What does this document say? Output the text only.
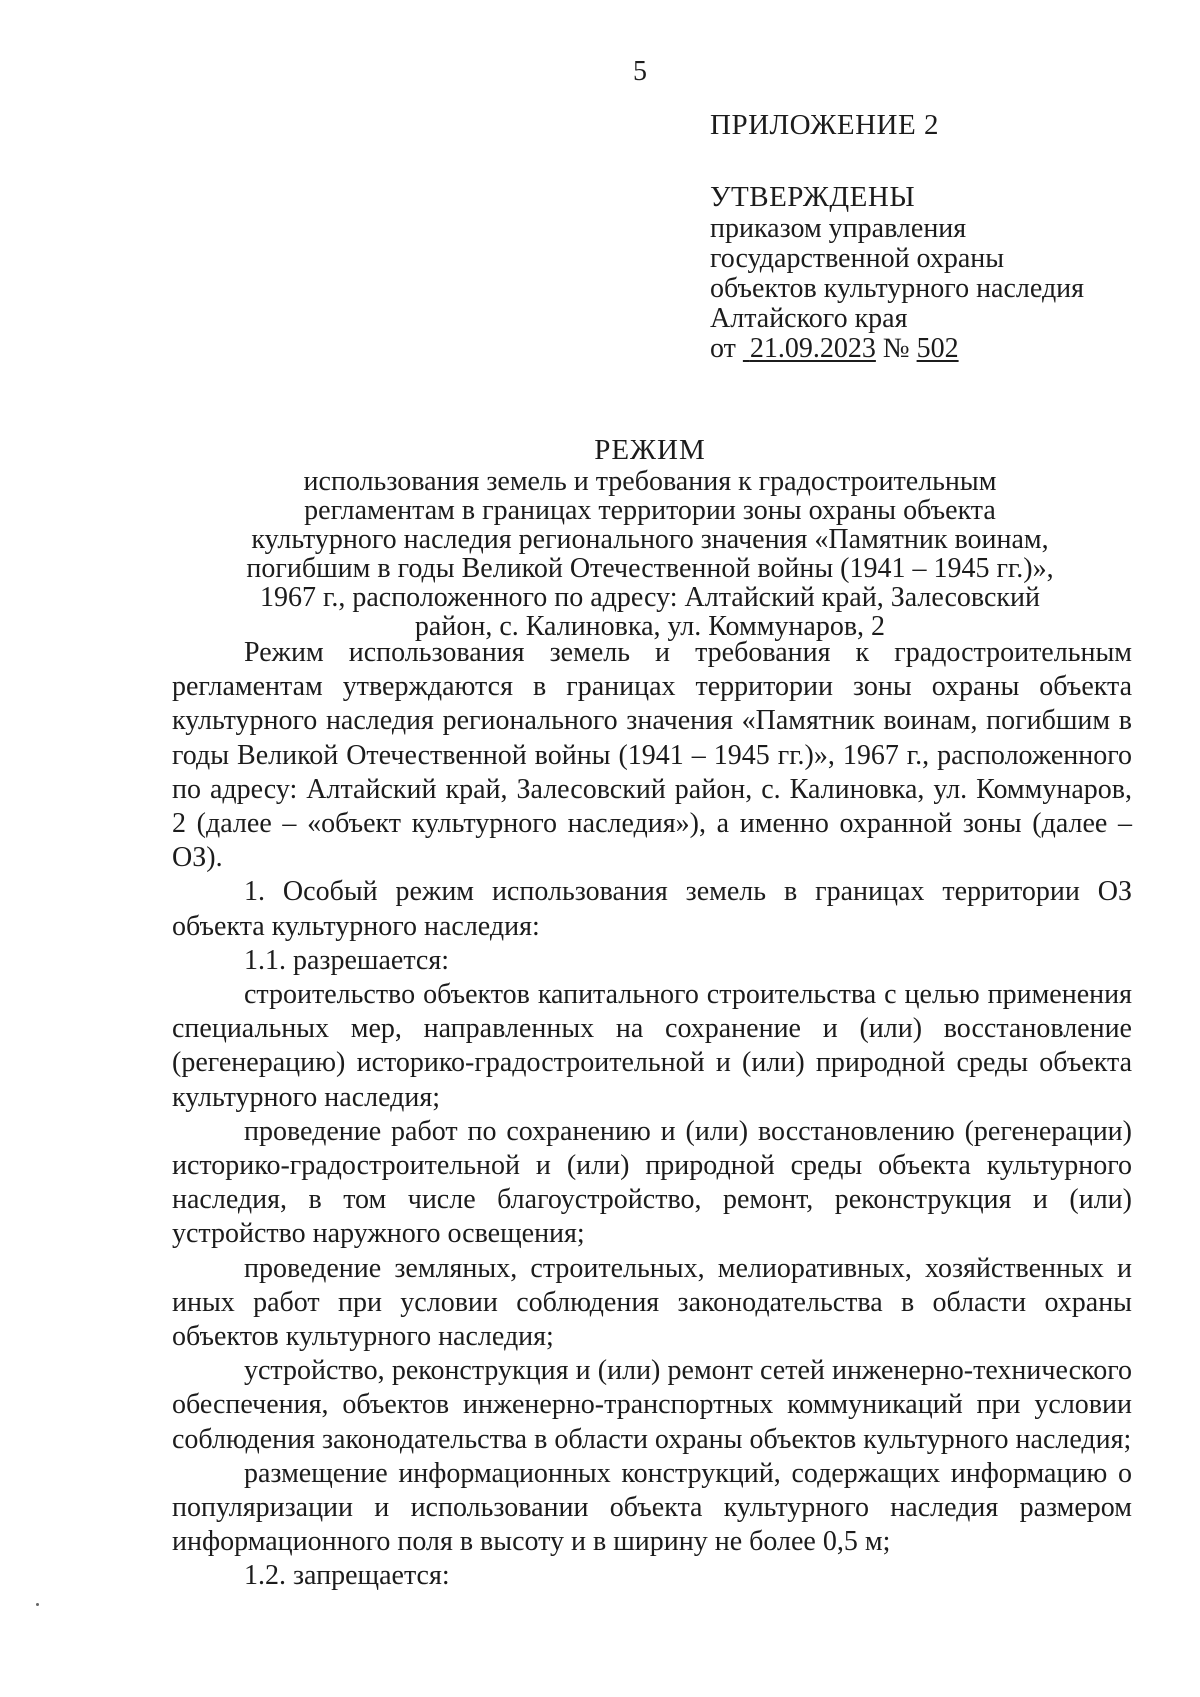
5
ПРИЛОЖЕНИЕ 2
УТВЕРЖДЕНЫ
приказом управления
государственной охраны
объектов культурного наследия
Алтайского края
от 21.09.2023 № 502
РЕЖИМ
использования земель и требования к градостроительным
регламентам в границах территории зоны охраны объекта
культурного наследия регионального значения «Памятник воинам,
погибшим в годы Великой Отечественной войны (1941 – 1945 гг.)»,
1967 г., расположенного по адресу: Алтайский край, Залесовский
район, с. Калиновка, ул. Коммунаров, 2

Режим использования земель и требования к градостроительным регламентам утверждаются в границах территории зоны охраны объекта культурного наследия регионального значения «Памятник воинам, погибшим в годы Великой Отечественной войны (1941 – 1945 гг.)», 1967 г., расположенного по адресу: Алтайский край, Залесовский район, с. Калиновка, ул. Коммунаров, 2 (далее – «объект культурного наследия»), а именно охранной зоны (далее – ОЗ).

1. Особый режим использования земель в границах территории ОЗ объекта культурного наследия:

1.1. разрешается:

строительство объектов капитального строительства с целью применения специальных мер, направленных на сохранение и (или) восстановление (регенерацию) историко-градостроительной и (или) природной среды объекта культурного наследия;

проведение работ по сохранению и (или) восстановлению (регенерации) историко-градостроительной и (или) природной среды объекта культурного наследия, в том числе благоустройство, ремонт, реконструкция и (или) устройство наружного освещения;

проведение земляных, строительных, мелиоративных, хозяйственных и иных работ при условии соблюдения законодательства в области охраны объектов культурного наследия;

устройство, реконструкция и (или) ремонт сетей инженерно-технического обеспечения, объектов инженерно-транспортных коммуникаций при условии соблюдения законодательства в области охраны объектов культурного наследия;

размещение информационных конструкций, содержащих информацию о популяризации и использовании объекта культурного наследия размером информационного поля в высоту и в ширину не более 0,5 м;

1.2. запрещается:
